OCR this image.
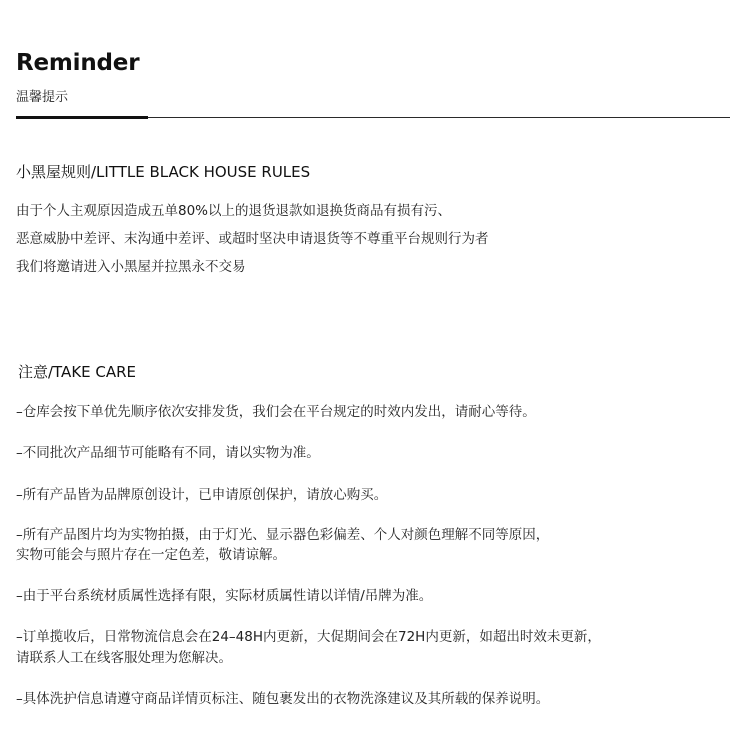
Reminder
温馨提示
小黑屋规则/LITTLE BLACK HOUSE RULES
由于个人主观原因造成五单80%以上的退货退款如退换货商品有损有污、
恶意威胁中差评、末沟通中差评、或超时坚决申请退货等不尊重平台规则行为者
我们将邀请进入小黑屋并拉黑永不交易
注意/TAKE CARE
–仓库会按下单优先顺序依次安排发货，我们会在平台规定的时效内发出，请耐心等待。
–不同批次产品细节可能略有不同，请以实物为准。
–所有产品皆为品牌原创设计，已申请原创保护，请放心购买。
–所有产品图片均为实物拍摄，由于灯光、显示器色彩偏差、个人对颜色理解不同等原因，
实物可能会与照片存在一定色差，敬请谅解。
–由于平台系统材质属性选择有限，实际材质属性请以详情/吊牌为准。
–订单揽收后，日常物流信息会在24–48H内更新，大促期间会在72H内更新，如超出时效未更新，
请联系人工在线客服处理为您解决。
–具体洗护信息请遵守商品详情页标注、随包裹发出的衣物洗涤建议及其所载的保养说明。
